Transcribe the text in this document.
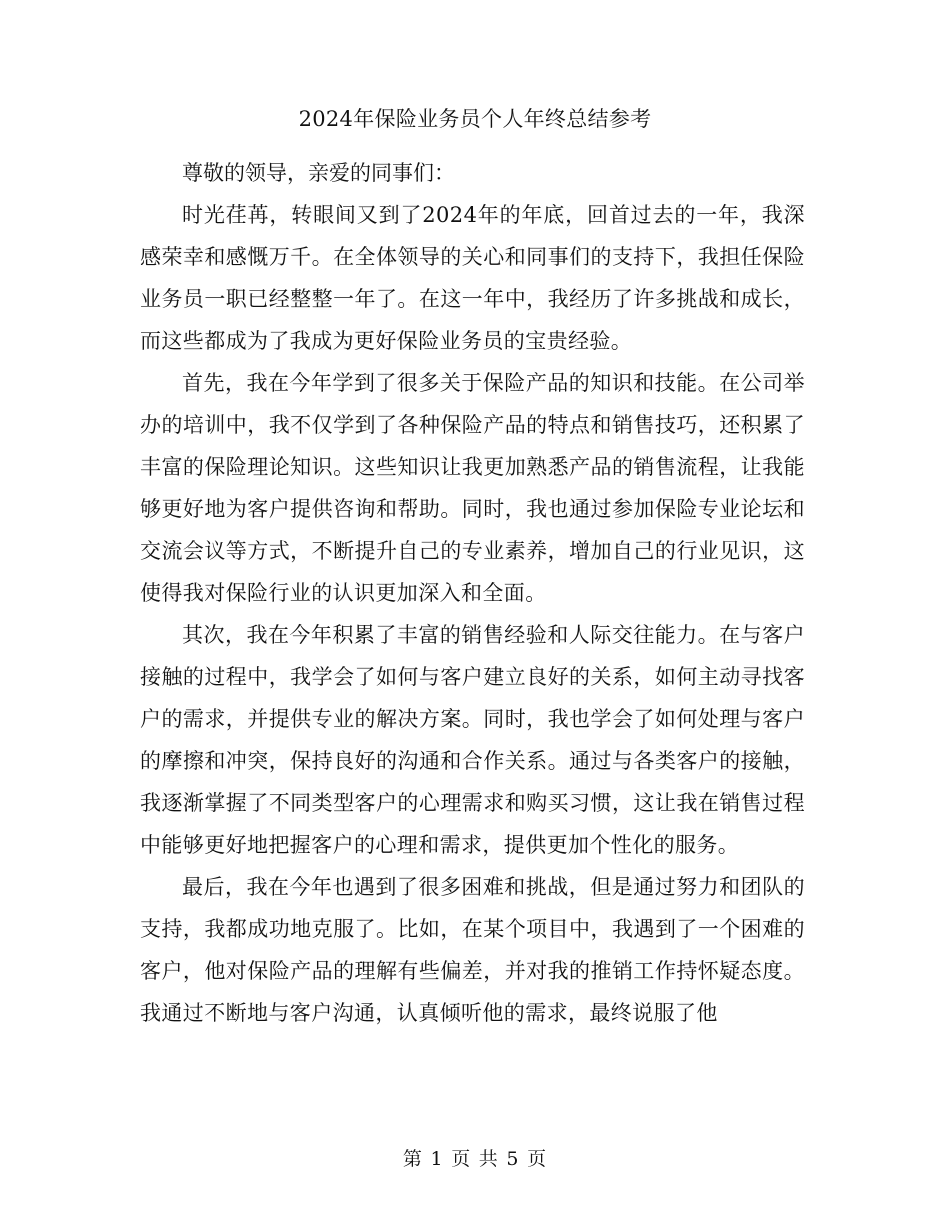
2024年保险业务员个人年终总结参考

尊敬的领导，亲爱的同事们：

时光荏苒，转眼间又到了2024年的年底，回首过去的一年，我深感荣幸和感慨万千。在全体领导的关心和同事们的支持下，我担任保险业务员一职已经整整一年了。在这一年中，我经历了许多挑战和成长，而这些都成为了我成为更好保险业务员的宝贵经验。

首先，我在今年学到了很多关于保险产品的知识和技能。在公司举办的培训中，我不仅学到了各种保险产品的特点和销售技巧，还积累了丰富的保险理论知识。这些知识让我更加熟悉产品的销售流程，让我能够更好地为客户提供咨询和帮助。同时，我也通过参加保险专业论坛和交流会议等方式，不断提升自己的专业素养，增加自己的行业见识，这使得我对保险行业的认识更加深入和全面。

其次，我在今年积累了丰富的销售经验和人际交往能力。在与客户接触的过程中，我学会了如何与客户建立良好的关系，如何主动寻找客户的需求，并提供专业的解决方案。同时，我也学会了如何处理与客户的摩擦和冲突，保持良好的沟通和合作关系。通过与各类客户的接触，我逐渐掌握了不同类型客户的心理需求和购买习惯，这让我在销售过程中能够更好地把握客户的心理和需求，提供更加个性化的服务。

最后，我在今年也遇到了很多困难和挑战，但是通过努力和团队的支持，我都成功地克服了。比如，在某个项目中，我遇到了一个困难的客户，他对保险产品的理解有些偏差，并对我的推销工作持怀疑态度。我通过不断地与客户沟通，认真倾听他的需求，最终说服了他

第 1 页 共 5 页
